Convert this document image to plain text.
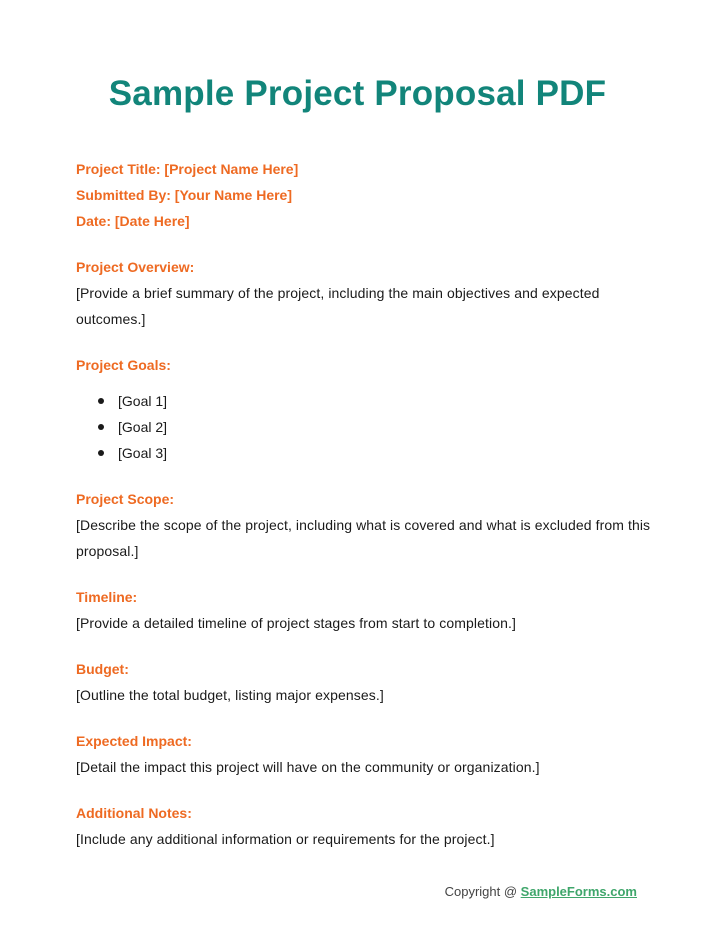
Sample Project Proposal PDF

Project Title: [Project Name Here]

Submitted By: [Your Name Here]

Date: [Date Here]

Project Overview:

[Provide a brief summary of the project, including the main objectives and expected outcomes.]

Project Goals:

[Goal 1]
[Goal 2]
[Goal 3]

Project Scope:

[Describe the scope of the project, including what is covered and what is excluded from this proposal.]

Timeline:

[Provide a detailed timeline of project stages from start to completion.]

Budget:

[Outline the total budget, listing major expenses.]

Expected Impact:

[Detail the impact this project will have on the community or organization.]

Additional Notes:

[Include any additional information or requirements for the project.]

Copyright @ SampleForms.com
